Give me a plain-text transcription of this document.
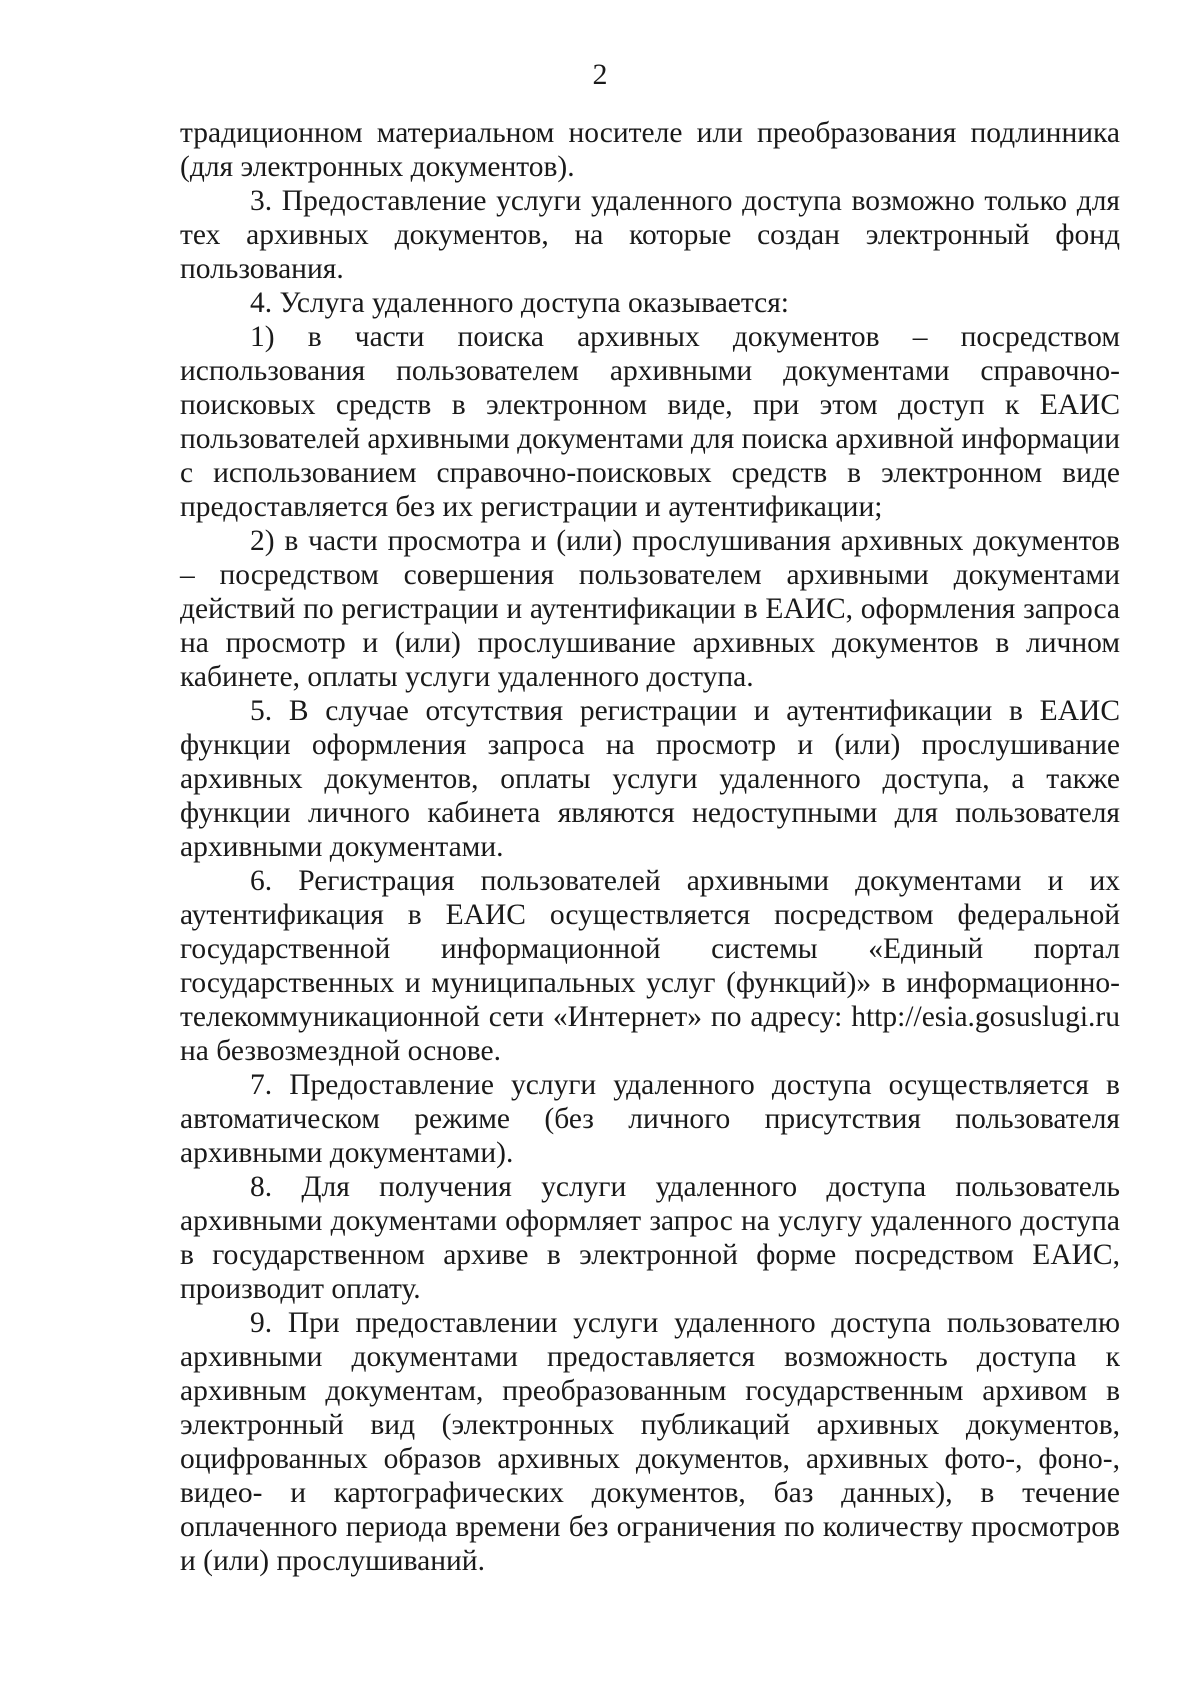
2

традиционном материальном носителе или преобразования подлинника (для электронных документов).

3. Предоставление услуги удаленного доступа возможно только для тех архивных документов, на которые создан электронный фонд пользования.

4. Услуга удаленного доступа оказывается:

1) в части поиска архивных документов – посредством использования пользователем архивными документами справочно-поисковых средств в электронном виде, при этом доступ к ЕАИС пользователей архивными документами для поиска архивной информации с использованием справочно-поисковых средств в электронном виде предоставляется без их регистрации и аутентификации;

2) в части просмотра и (или) прослушивания архивных документов – посредством совершения пользователем архивными документами действий по регистрации и аутентификации в ЕАИС, оформления запроса на просмотр и (или) прослушивание архивных документов в личном кабинете, оплаты услуги удаленного доступа.

5. В случае отсутствия регистрации и аутентификации в ЕАИС функции оформления запроса на просмотр и (или) прослушивание архивных документов, оплаты услуги удаленного доступа, а также функции личного кабинета являются недоступными для пользователя архивными документами.

6. Регистрация пользователей архивными документами и их аутентификация в ЕАИС осуществляется посредством федеральной государственной информационной системы «Единый портал государственных и муниципальных услуг (функций)» в информационно-телекоммуникационной сети «Интернет» по адресу: http://esia.gosuslugi.ru на безвозмездной основе.

7. Предоставление услуги удаленного доступа осуществляется в автоматическом режиме (без личного присутствия пользователя архивными документами).

8. Для получения услуги удаленного доступа пользователь архивными документами оформляет запрос на услугу удаленного доступа в государственном архиве в электронной форме посредством ЕАИС, производит оплату.

9. При предоставлении услуги удаленного доступа пользователю архивными документами предоставляется возможность доступа к архивным документам, преобразованным государственным архивом в электронный вид (электронных публикаций архивных документов, оцифрованных образов архивных документов, архивных фото-, фоно-, видео- и картографических документов, баз данных), в течение оплаченного периода времени без ограничения по количеству просмотров и (или) прослушиваний.
